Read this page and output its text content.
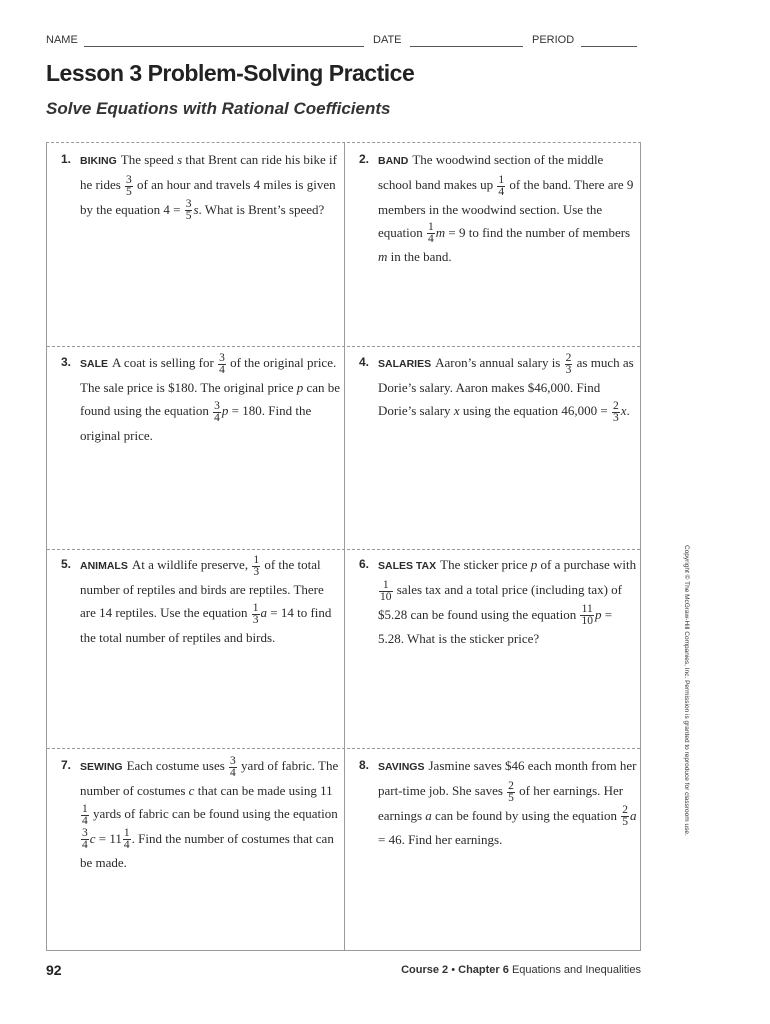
NAME	DATE	PERIOD
Lesson 3 Problem-Solving Practice
Solve Equations with Rational Coefficients
1. BIKING The speed s that Brent can ride his bike if he rides $\frac{3}{5}$ of an hour and travels 4 miles is given by the equation $4 = \frac{3}{5} s$. What is Brent’s speed?
2. BAND The woodwind section of the middle school band makes up $\frac{1}{4}$ of the band. There are 9 members in the woodwind section. Use the equation $\frac{1}{4}$ m = 9 to find the number of members m in the band.
3. SALE A coat is selling for $\frac{3}{4}$ of the original price. The sale price is $180. The original price p can be found using the equation $\frac{3}{4}$ p = 180. Find the original price.
4. SALARIES Aaron’s annual salary is $\frac{2}{3}$ as much as Dorie’s salary. Aaron makes $46,000. Find Dorie’s salary x using the equation $46,000 = \frac{2}{3} x$.
5. ANIMALS At a wildlife preserve, $\frac{1}{3}$ of the total number of reptiles and birds are reptiles. There are 14 reptiles. Use the equation $\frac{1}{3}$ a = 14 to find the total number of reptiles and birds.
6. SALES TAX The sticker price p of a purchase with
$\frac{1}{10}$ sales tax and a total price (including tax) of $5.28 can be found using the equation $\frac{11}{10}$ p = 5.28. What is the sticker price?
7. SEWING Each costume uses $\frac{3}{4}$ yard of fabric. The number of costumes c that can be made using 11
$\frac{1}{4}$ yards of fabric can be found using the equation
$\frac{3}{4}$ $c = 11 \frac{1}{4}$ . Find the number of costumes that can be made.
8. SAVINGS Jasmine saves $46 each month from her part-time job. She saves $\frac{2}{5}$ of her earnings. Her earnings a can be found by using the equation $\frac{2}{5}$ a = 46. Find her earnings.
Copyright © The McGraw-Hill Companies, Inc. Permission is granted to reproduce for classroom use.
92	Course 2 • Chapter 6 Equations and Inequalities
